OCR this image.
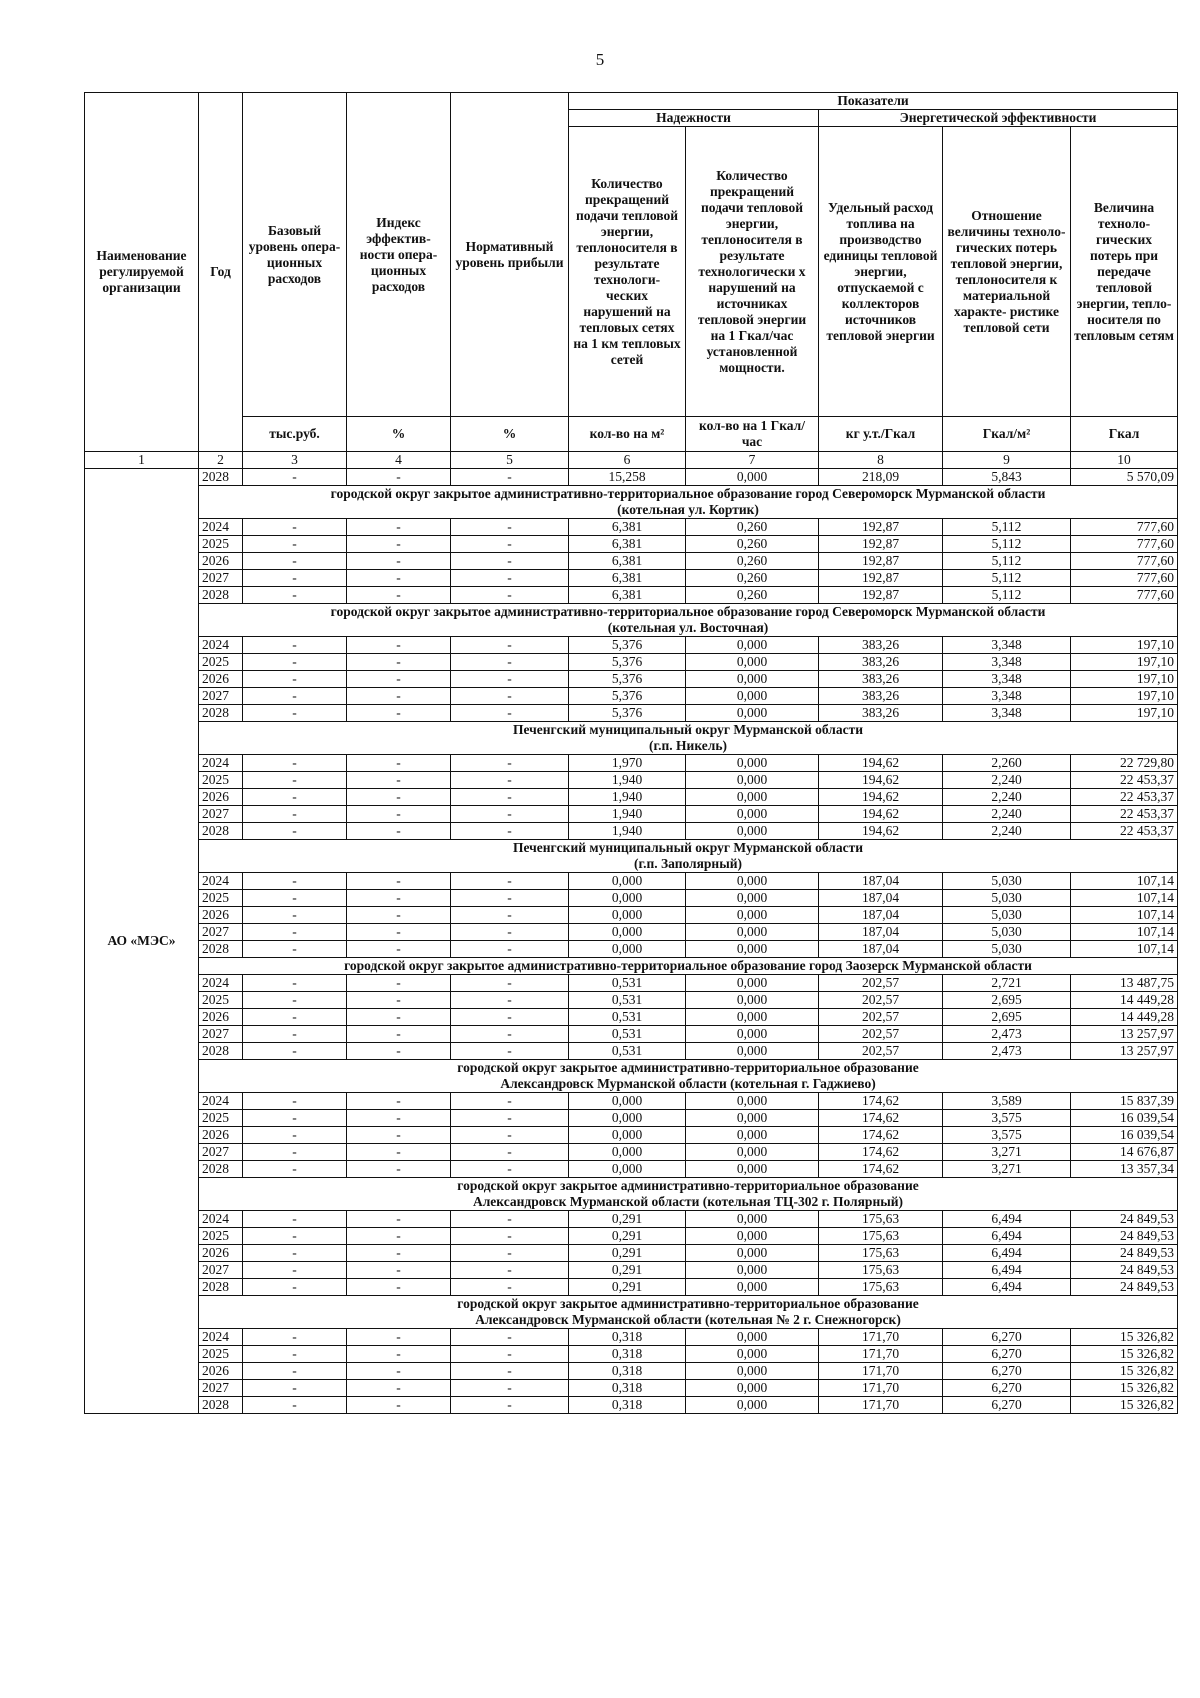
5
Наименование регулируемой организации	Год	Базовый уровень опера- ционных расходов	Индекс эффектив- ности опера- ционных расходов	Нормативный уровень прибыли	Показатели				
					Надежности		Энергетической эффективности		
					Количество прекращений подачи тепловой энергии, теплоносителя в результате технологи- ческих нарушений на тепловых сетях на 1 км тепловых сетей	Количество прекращений подачи тепловой энергии, теплоносителя в результате технологически х нарушений на источниках тепловой энергии на 1 Гкал/час установленной мощности.	Удельный расход топлива на производство единицы тепловой энергии, отпускаемой с коллекторов источников тепловой энергии	Отношение величины техноло- гических потерь тепловой энергии, теплоносителя к материальной характе- ристике тепловой сети	Величина техноло- гических потерь при передаче тепловой энергии, тепло- носителя по тепловым сетям
		тыс.руб.	%	%	кол-во на м²	кол-во на 1 Гкал/час	кг у.т./Гкал	Гкал/м²	Гкал
1	2	3	4	5	6	7	8	9	10
АО «МЭС»	2028	-	-	-	15,258	0,000	218,09	5,843	5 570,09

	городской округ закрытое административно-территориальное образование город Североморск Мурманской области
(котельная ул. Кортик)								

	2024	-	-	-	6,381	0,260	192,87	5,112	777,60
	2025	-	-	-	6,381	0,260	192,87	5,112	777,60
	2026	-	-	-	6,381	0,260	192,87	5,112	777,60
	2027	-	-	-	6,381	0,260	192,87	5,112	777,60
	2028	-	-	-	6,381	0,260	192,87	5,112	777,60

	городской округ закрытое административно-территориальное образование город Североморск Мурманской области
(котельная ул. Восточная)								

	2024	-	-	-	5,376	0,000	383,26	3,348	197,10
	2025	-	-	-	5,376	0,000	383,26	3,348	197,10
	2026	-	-	-	5,376	0,000	383,26	3,348	197,10
	2027	-	-	-	5,376	0,000	383,26	3,348	197,10
	2028	-	-	-	5,376	0,000	383,26	3,348	197,10

	Печенгский муниципальный округ Мурманской области
(г.п. Никель)								

	2024	-	-	-	1,970	0,000	194,62	2,260	22 729,80
	2025	-	-	-	1,940	0,000	194,62	2,240	22 453,37
	2026	-	-	-	1,940	0,000	194,62	2,240	22 453,37
	2027	-	-	-	1,940	0,000	194,62	2,240	22 453,37
	2028	-	-	-	1,940	0,000	194,62	2,240	22 453,37

	Печенгский муниципальный округ Мурманской области
(г.п. Заполярный)								

	2024	-	-	-	0,000	0,000	187,04	5,030	107,14
	2025	-	-	-	0,000	0,000	187,04	5,030	107,14
	2026	-	-	-	0,000	0,000	187,04	5,030	107,14
	2027	-	-	-	0,000	0,000	187,04	5,030	107,14
	2028	-	-	-	0,000	0,000	187,04	5,030	107,14

	городской округ закрытое административно-территориальное образование город Заозерск Мурманской области								

	2024	-	-	-	0,531	0,000	202,57	2,721	13 487,75
	2025	-	-	-	0,531	0,000	202,57	2,695	14 449,28
	2026	-	-	-	0,531	0,000	202,57	2,695	14 449,28
	2027	-	-	-	0,531	0,000	202,57	2,473	13 257,97
	2028	-	-	-	0,531	0,000	202,57	2,473	13 257,97

	городской округ закрытое административно-территориальное образование
Александровск Мурманской области (котельная г. Гаджиево)								

	2024	-	-	-	0,000	0,000	174,62	3,589	15 837,39
	2025	-	-	-	0,000	0,000	174,62	3,575	16 039,54
	2026	-	-	-	0,000	0,000	174,62	3,575	16 039,54
	2027	-	-	-	0,000	0,000	174,62	3,271	14 676,87
	2028	-	-	-	0,000	0,000	174,62	3,271	13 357,34

	городской округ закрытое административно-территориальное образование
Александровск Мурманской области (котельная ТЦ-302 г. Полярный)								

	2024	-	-	-	0,291	0,000	175,63	6,494	24 849,53
	2025	-	-	-	0,291	0,000	175,63	6,494	24 849,53
	2026	-	-	-	0,291	0,000	175,63	6,494	24 849,53
	2027	-	-	-	0,291	0,000	175,63	6,494	24 849,53
	2028	-	-	-	0,291	0,000	175,63	6,494	24 849,53

	городской округ закрытое административно-территориальное образование
Александровск Мурманской области (котельная № 2 г. Снежногорск)								

	2024	-	-	-	0,318	0,000	171,70	6,270	15 326,82
	2025	-	-	-	0,318	0,000	171,70	6,270	15 326,82
	2026	-	-	-	0,318	0,000	171,70	6,270	15 326,82
	2027	-	-	-	0,318	0,000	171,70	6,270	15 326,82
	2028	-	-	-	0,318	0,000	171,70	6,270	15 326,82
